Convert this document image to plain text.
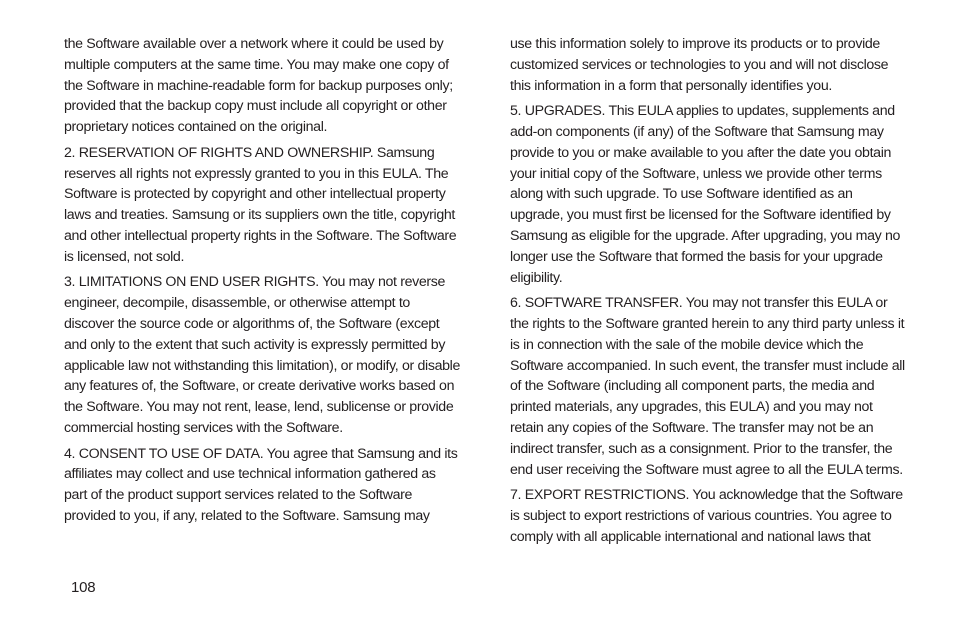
the Software available over a network where it could be used by multiple computers at the same time. You may make one copy of the Software in machine-readable form for backup purposes only; provided that the backup copy must include all copyright or other proprietary notices contained on the original.

2. RESERVATION OF RIGHTS AND OWNERSHIP. Samsung reserves all rights not expressly granted to you in this EULA. The Software is protected by copyright and other intellectual property laws and treaties. Samsung or its suppliers own the title, copyright and other intellectual property rights in the Software. The Software is licensed, not sold.

3. LIMITATIONS ON END USER RIGHTS. You may not reverse engineer, decompile, disassemble, or otherwise attempt to discover the source code or algorithms of, the Software (except and only to the extent that such activity is expressly permitted by applicable law not withstanding this limitation), or modify, or disable any features of, the Software, or create derivative works based on the Software. You may not rent, lease, lend, sublicense or provide commercial hosting services with the Software.

4. CONSENT TO USE OF DATA. You agree that Samsung and its affiliates may collect and use technical information gathered as part of the product support services related to the Software provided to you, if any, related to the Software. Samsung may

use this information solely to improve its products or to provide customized services or technologies to you and will not disclose this information in a form that personally identifies you.

5. UPGRADES. This EULA applies to updates, supplements and add-on components (if any) of the Software that Samsung may provide to you or make available to you after the date you obtain your initial copy of the Software, unless we provide other terms along with such upgrade. To use Software identified as an upgrade, you must first be licensed for the Software identified by Samsung as eligible for the upgrade. After upgrading, you may no longer use the Software that formed the basis for your upgrade eligibility.

6. SOFTWARE TRANSFER. You may not transfer this EULA or the rights to the Software granted herein to any third party unless it is in connection with the sale of the mobile device which the Software accompanied. In such event, the transfer must include all of the Software (including all component parts, the media and printed materials, any upgrades, this EULA) and you may not retain any copies of the Software. The transfer may not be an indirect transfer, such as a consignment. Prior to the transfer, the end user receiving the Software must agree to all the EULA terms.

7. EXPORT RESTRICTIONS. You acknowledge that the Software is subject to export restrictions of various countries. You agree to comply with all applicable international and national laws that

108
